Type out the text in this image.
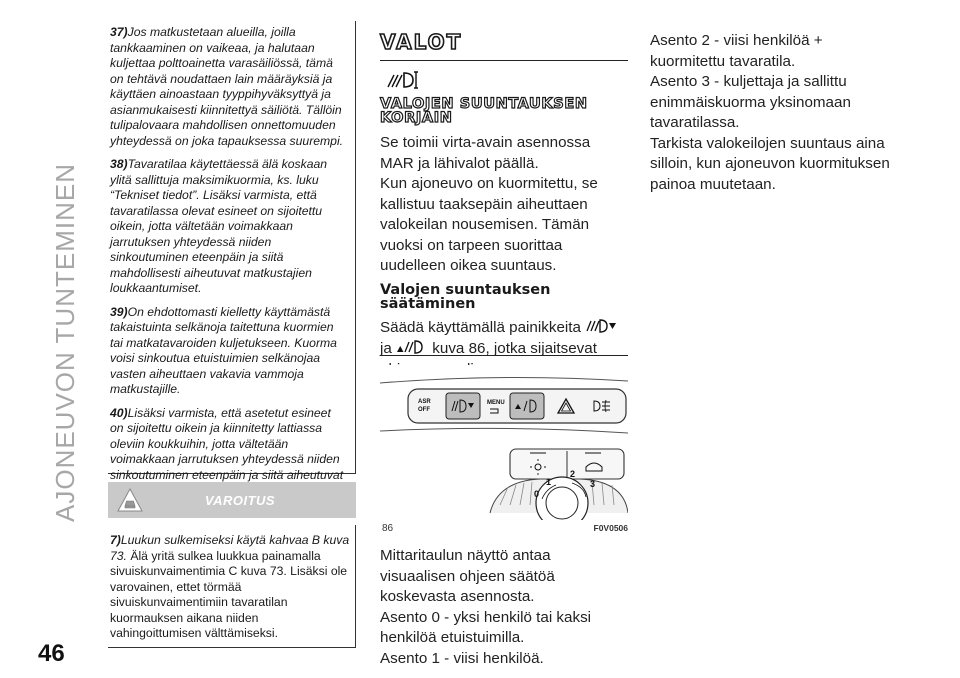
AJONEUVON TUNTEMINEN
46

37)Jos matkustetaan alueilla, joilla tankkaaminen on vaikeaa, ja halutaan kuljettaa polttoainetta varasäiliössä, tämä on tehtävä noudattaen lain määräyksiä ja käyttäen ainoastaan tyyppihyväksyttyä ja asianmukaisesti kiinnitettyä säiliötä. Tällöin tulipalovaara mahdollisen onnettomuuden yhteydessä on joka tapauksessa suurempi.

38)Tavaratilaa käytettäessä älä koskaan ylitä sallittuja maksimikuormia, ks. luku “Tekniset tiedot”. Lisäksi varmista, että tavaratilassa olevat esineet on sijoitettu oikein, jotta vältetään voimakkaan jarrutuksen yhteydessä niiden sinkoutuminen eteenpäin ja siitä mahdollisesti aiheutuvat matkustajien loukkaantumiset.

39)On ehdottomasti kielletty käyttämästä takaistuinta selkänoja taitettuna kuormien tai matkatavaroiden kuljetukseen. Kuorma voisi sinkoutua etuistuimien selkänojaa vasten aiheuttaen vakavia vammoja matkustajille.

40)Lisäksi varmista, että asetetut esineet on sijoitettu oikein ja kiinnitetty lattiassa oleviin koukkuihin, jotta vältetään voimakkaan jarrutuksen yhteydessä niiden sinkoutuminen eteenpäin ja siitä aiheutuvat

VAROITUS
7)Luukun sulkemiseksi käytä kahvaa B kuva 73. Älä yritä sulkea luukkua painamalla sivuiskunvaimentimia C kuva 73. Lisäksi ole varovainen, ettet törmää sivuiskunvaimentimiin tavaratilan kuormauksen aikana niiden vahingoittumisen välttämiseksi.
VALOT
VALOJEN SUUNTAUKSEN KORJAIN

Se toimii virta-avain asennossa MAR ja lähivalot päällä.

Kun ajoneuvo on kuormitettu, se kallistuu taaksepäin aiheuttaen valokeilan nousemisen. Tämän vuoksi on tarpeen suorittaa uudelleen oikea suuntaus.

Valojen suuntauksen säätäminen

Säädä käyttämällä painikkeita  ja	kuva 86, jotka sijaitsevat

ASR
OFF
MENU
0
1
2
3
86	F0V0506

Mittaritaulun näyttö antaa visuaalisen ohjeen säätöä koskevasta asennosta.

Asento 0 - yksi henkilö tai kaksi henkilöä etuistuimilla.

Asento 1 - viisi henkilöä.

Asento 2 - viisi henkilöä + kuormitettu tavaratila.

Asento 3 - kuljettaja ja sallittu enimmäiskuorma yksinomaan tavaratilassa.

Tarkista valokeilojen suuntaus aina silloin, kun ajoneuvon kuormituksen painoa muutetaan.
